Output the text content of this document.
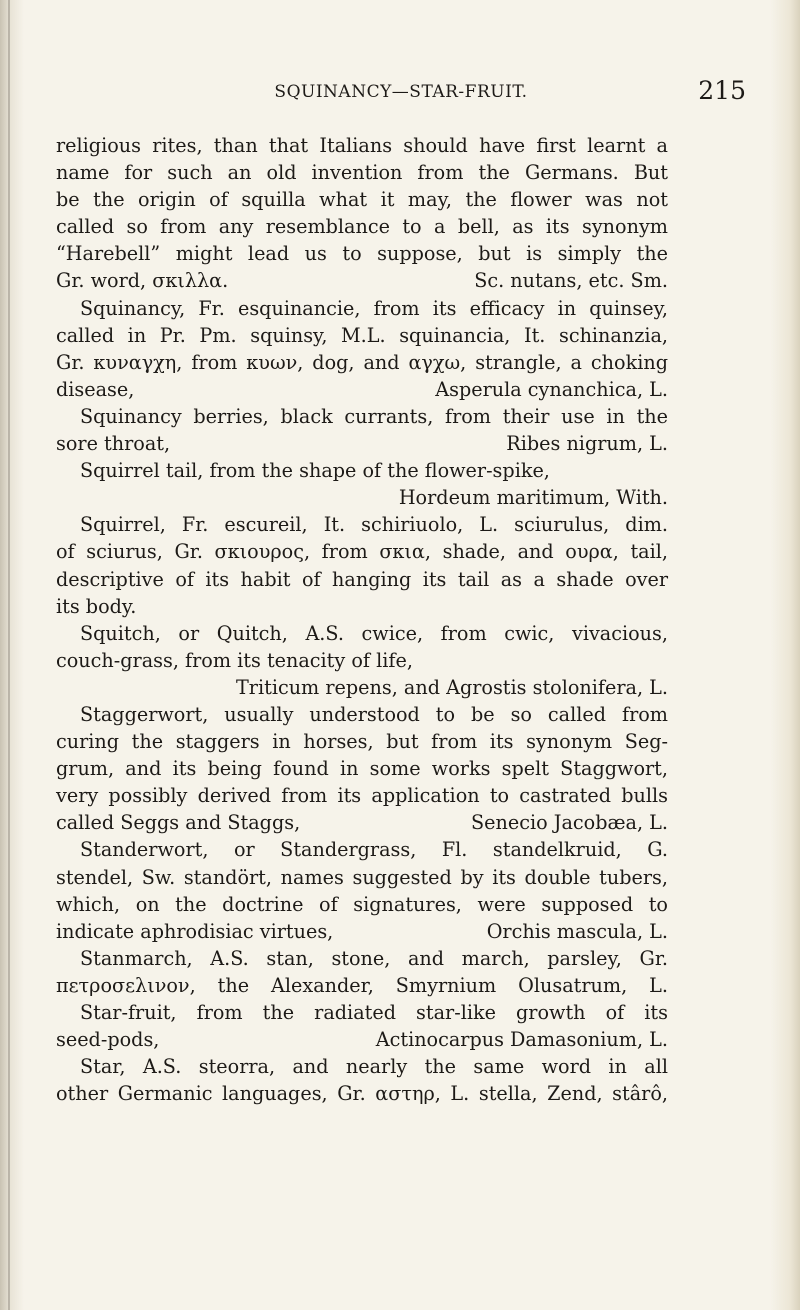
SQUINANCY—STAR-FRUIT.	215
religious rites, than that Italians should have first learnt a
name for such an old invention from the Germans. But
be the origin of squilla what it may, the flower was not
called so from any resemblance to a bell, as its synonym
“Harebell” might lead us to suppose, but is simply the
Gr. word, σκιλλα.	Sc. nutans, etc. Sm.
Squinancy, Fr. esquinancie, from its efficacy in quinsey,
called in Pr. Pm. squinsy, M.L. squinancia, It. schinanzia,
Gr. κυναγχη, from κυων, dog, and αγχω, strangle, a choking
disease,	Asperula cynanchica, L.
Squinancy berries, black currants, from their use in the
sore throat,	Ribes nigrum, L.
Squirrel tail, from the shape of the flower-spike,
Hordeum maritimum, With.
Squirrel, Fr. escureil, It. schiriuolo, L. sciurulus, dim.
of sciurus, Gr. σκιουρος, from σκια, shade, and ουρα, tail,
descriptive of its habit of hanging its tail as a shade over
its body.
Squitch, or Quitch, A.S. cwice, from cwic, vivacious,
couch-grass, from its tenacity of life,
Triticum repens, and Agrostis stolonifera, L.
Staggerwort, usually understood to be so called from
curing the staggers in horses, but from its synonym Seg-
grum, and its being found in some works spelt Staggwort,
very possibly derived from its application to castrated bulls
called Seggs and Staggs,	Senecio Jacobæa, L.
Standerwort, or Standergrass, Fl. standelkruid, G.
stendel, Sw. standört, names suggested by its double tubers,
which, on the doctrine of signatures, were supposed to
indicate aphrodisiac virtues,	Orchis mascula, L.
Stanmarch, A.S. stan, stone, and march, parsley, Gr.
πετροσελινον, the Alexander, Smyrnium Olusatrum, L.
Star-fruit, from the radiated star-like growth of its
seed-pods,	Actinocarpus Damasonium, L.
Star, A.S. steorra, and nearly the same word in all
other Germanic languages, Gr. αστηρ, L. stella, Zend, stârô,
